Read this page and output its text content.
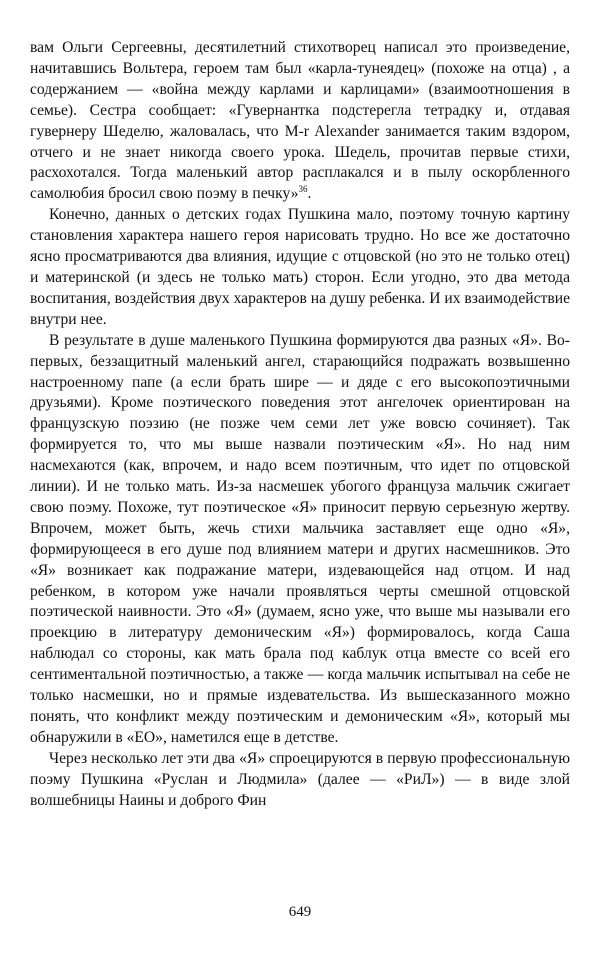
вам Ольги Сергеевны, десятилетний стихотворец написал это произведение, начитавшись Вольтера, героем там был «карла-тунеядец» (похоже на отца) , а содержанием — «война между карлами и карлицами» (взаимоотношения в семье). Сестра сообщает: «Гувернантка подстерегла тетрадку и, отдавая гувернеру Шеделю, жаловалась, что M-r Alexander занимается таким вздором, отчего и не знает никогда своего урока. Шедель, прочитав первые стихи, расхохотался. Тогда маленький автор расплакался и в пылу оскорбленного самолюбия бросил свою поэму в печку»$^{36}$.

Конечно, данных о детских годах Пушкина мало, поэтому точную картину становления характера нашего героя нарисовать трудно. Но все же достаточно ясно просматриваются два влияния, идущие с отцовской (но это не только отец) и материнской (и здесь не только мать) сторон. Если угодно, это два метода воспитания, воздействия двух характеров на душу ребенка. И их взаимодействие внутри нее.

В результате в душе маленького Пушкина формируются два разных «Я». Во-первых, беззащитный маленький ангел, старающийся подражать возвышенно настроенному папе (а если брать шире — и дяде с его высокопоэтичными друзьями). Кроме поэтического поведения этот ангелочек ориентирован на французскую поэзию (не позже чем семи лет уже вовсю сочиняет). Так формируется то, что мы выше назвали поэтическим «Я». Но над ним насмехаются (как, впрочем, и надо всем поэтичным, что идет по отцовской линии). И не только мать. Из-за насмешек убогого француза мальчик сжигает свою поэму. Похоже, тут поэтическое «Я» приносит первую серьезную жертву. Впрочем, может быть, жечь стихи мальчика заставляет еще одно «Я», формирующееся в его душе под влиянием матери и других насмешников. Это «Я» возникает как подражание матери, издевающейся над отцом. И над ребенком, в котором уже начали проявляться черты смешной отцовской поэтической наивности. Это «Я» (думаем, ясно уже, что выше мы называли его проекцию в литературу демоническим «Я») формировалось, когда Саша наблюдал со стороны, как мать брала под каблук отца вместе со всей его сентиментальной поэтичностью, а также — когда мальчик испытывал на себе не только насмешки, но и прямые издевательства. Из вышесказанного можно понять, что конфликт между поэтическим и демоническим «Я», который мы обнаружили в «ЕО», наметился еще в детстве.

Через несколько лет эти два «Я» спроецируются в первую профессиональную поэму Пушкина «Руслан и Людмила» (далее — «РиЛ») — в виде злой волшебницы Наины и доброго Фин

649
